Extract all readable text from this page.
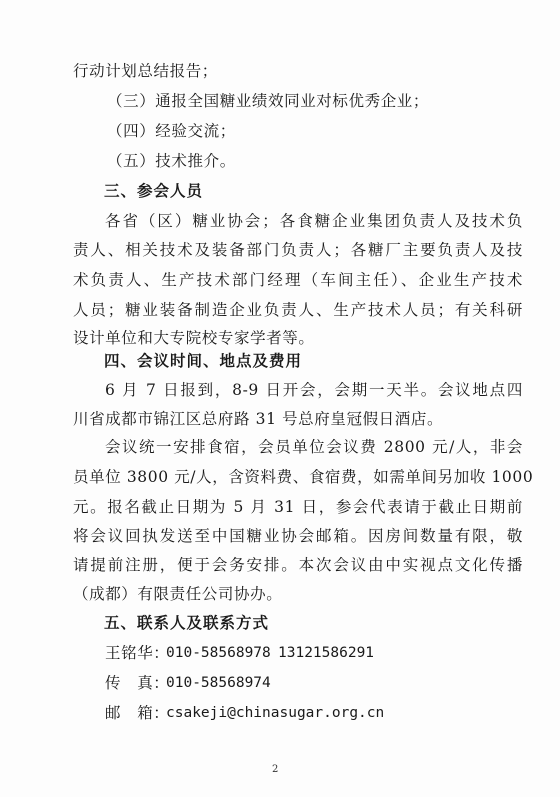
行动计划总结报告；
（三）通报全国糖业绩效同业对标优秀企业；
（四）经验交流；
（五）技术推介。
三、参会人员
各省（区）糖业协会；各食糖企业集团负责人及技术负
责人、相关技术及装备部门负责人；各糖厂主要负责人及技
术负责人、生产技术部门经理（车间主任）、企业生产技术
人员；糖业装备制造企业负责人、生产技术人员；有关科研
设计单位和大专院校专家学者等。
四、会议时间、地点及费用
6 月 7 日报到，8-9 日开会，会期一天半。会议地点四
川省成都市锦江区总府路 31 号总府皇冠假日酒店。
会议统一安排食宿，会员单位会议费 2800 元/人，非会
员单位 3800 元/人，含资料费、食宿费，如需单间另加收 1000
元。报名截止日期为 5 月 31 日，参会代表请于截止日期前
将会议回执发送至中国糖业协会邮箱。因房间数量有限，敬
请提前注册，便于会务安排。本次会议由中实视点文化传播
（成都）有限责任公司协办。
五、联系人及联系方式
王铭华：
010-58568978 13121586291
传　真：
010-58568974
邮　箱：
csakeji@chinasugar.org.cn
2
